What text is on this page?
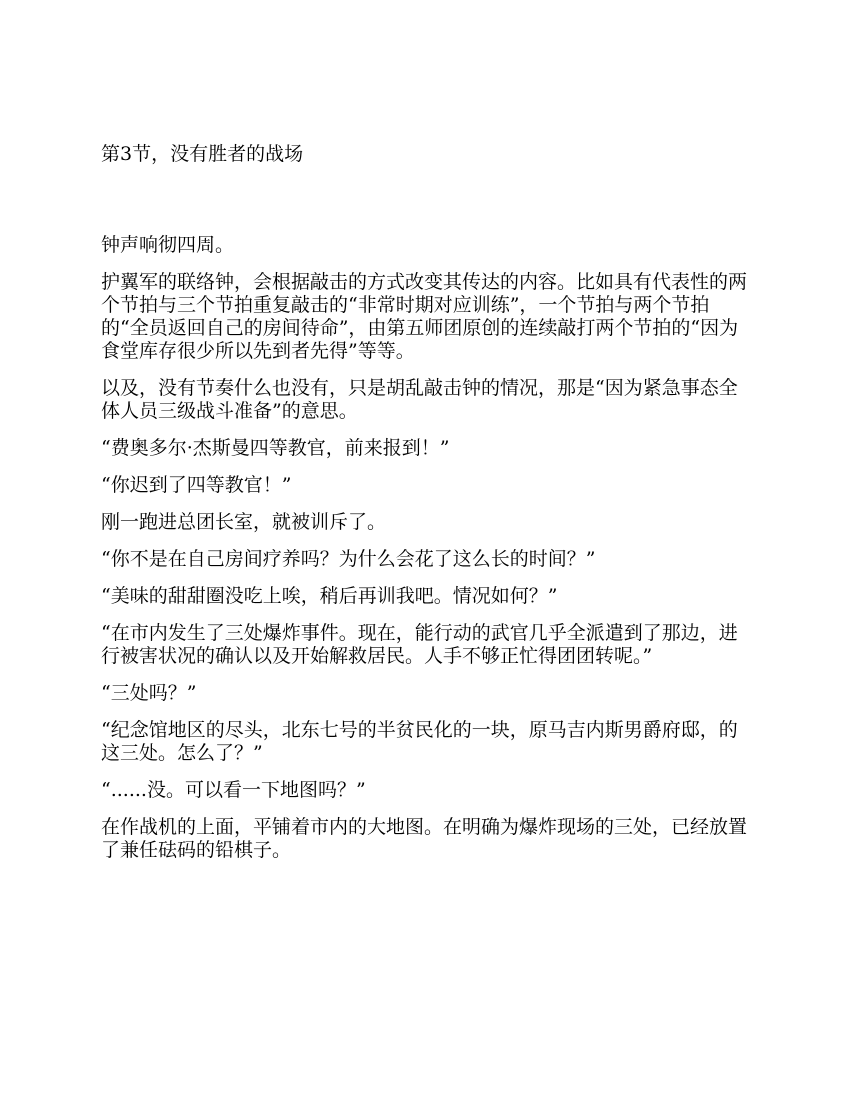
第3节，没有胜者的战场

钟声响彻四周。

护翼军的联络钟，会根据敲击的方式改变其传达的内容。比如具有代表性的两个节拍与三个节拍重复敲击的“非常时期对应训练”，一个节拍与两个节拍的“全员返回自己的房间待命”，由第五师团原创的连续敲打两个节拍的“因为食堂库存很少所以先到者先得”等等。

以及，没有节奏什么也没有，只是胡乱敲击钟的情况，那是“因为紧急事态全体人员三级战斗准备”的意思。

“费奥多尔·杰斯曼四等教官，前来报到！”

“你迟到了四等教官！”

刚一跑进总团长室，就被训斥了。

“你不是在自己房间疗养吗？为什么会花了这么长的时间？”

“美味的甜甜圈没吃上唉，稍后再训我吧。情况如何？”

“在市内发生了三处爆炸事件。现在，能行动的武官几乎全派遣到了那边，进行被害状况的确认以及开始解救居民。人手不够正忙得团团转呢。”

“三处吗？”

“纪念馆地区的尽头，北东七号的半贫民化的一块，原马吉内斯男爵府邸，的这三处。怎么了？”

“......没。可以看一下地图吗？”

在作战机的上面，平铺着市内的大地图。在明确为爆炸现场的三处，已经放置了兼任砝码的铅棋子。
